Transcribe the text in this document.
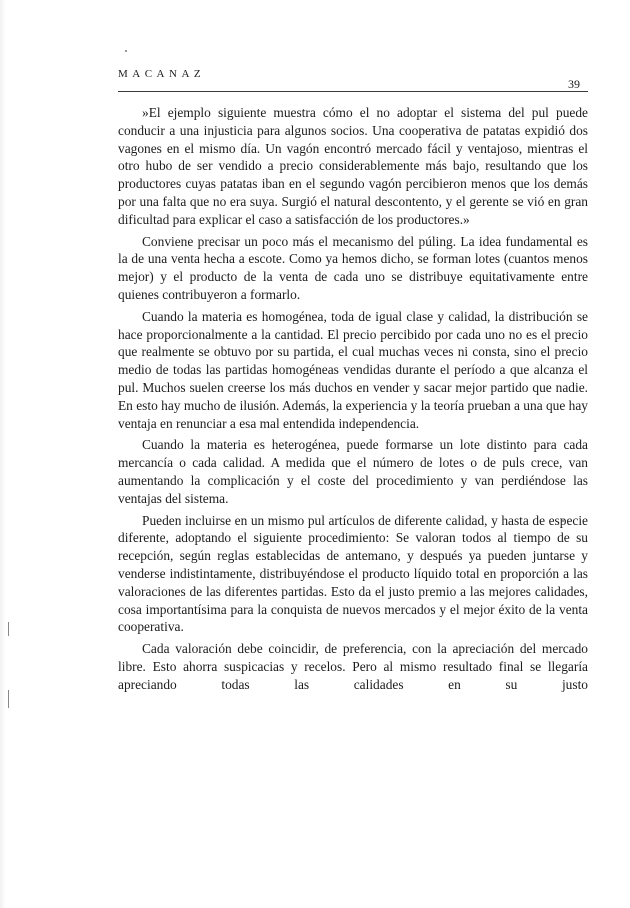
MACANAZ
39

»El ejemplo siguiente muestra cómo el no adoptar el sistema del pul puede conducir a una injusticia para algunos socios. Una cooperativa de patatas expidió dos vagones en el mismo día. Un vagón encontró mercado fácil y ventajoso, mientras el otro hubo de ser vendido a precio considerablemente más bajo, resultando que los productores cuyas patatas iban en el segundo vagón percibieron menos que los demás por una falta que no era suya. Surgió el natural descontento, y el gerente se vió en gran dificultad para explicar el caso a satisfacción de los productores.»

Conviene precisar un poco más el mecanismo del púling. La idea fundamental es la de una venta hecha a escote. Como ya hemos dicho, se forman lotes (cuantos menos mejor) y el producto de la venta de cada uno se distribuye equitativamente entre quienes contribuyeron a formarlo.

Cuando la materia es homogénea, toda de igual clase y calidad, la distribución se hace proporcionalmente a la cantidad. El precio percibido por cada uno no es el precio que realmente se obtuvo por su partida, el cual muchas veces ni consta, sino el precio medio de todas las partidas homogéneas vendidas durante el período a que alcanza el pul. Muchos suelen creerse los más duchos en vender y sacar mejor partido que nadie. En esto hay mucho de ilusión. Además, la experiencia y la teoría prueban a una que hay ventaja en renunciar a esa mal entendida independencia.

Cuando la materia es heterogénea, puede formarse un lote distinto para cada mercancía o cada calidad. A medida que el número de lotes o de puls crece, van aumentando la complicación y el coste del procedimiento y van perdiéndose las ventajas del sistema.

Pueden incluirse en un mismo pul artículos de diferente calidad, y hasta de especie diferente, adoptando el siguiente procedimiento: Se valoran todos al tiempo de su recepción, según reglas establecidas de antemano, y después ya pueden juntarse y venderse indistintamente, distribuyéndose el producto líquido total en proporción a las valoraciones de las diferentes partidas. Esto da el justo premio a las mejores calidades, cosa importantísima para la conquista de nuevos mercados y el mejor éxito de la venta cooperativa.

Cada valoración debe coincidir, de preferencia, con la apreciación del mercado libre. Esto ahorra suspicacias y recelos. Pero al mismo resultado final se llegaría apreciando todas las calidades en su justo
